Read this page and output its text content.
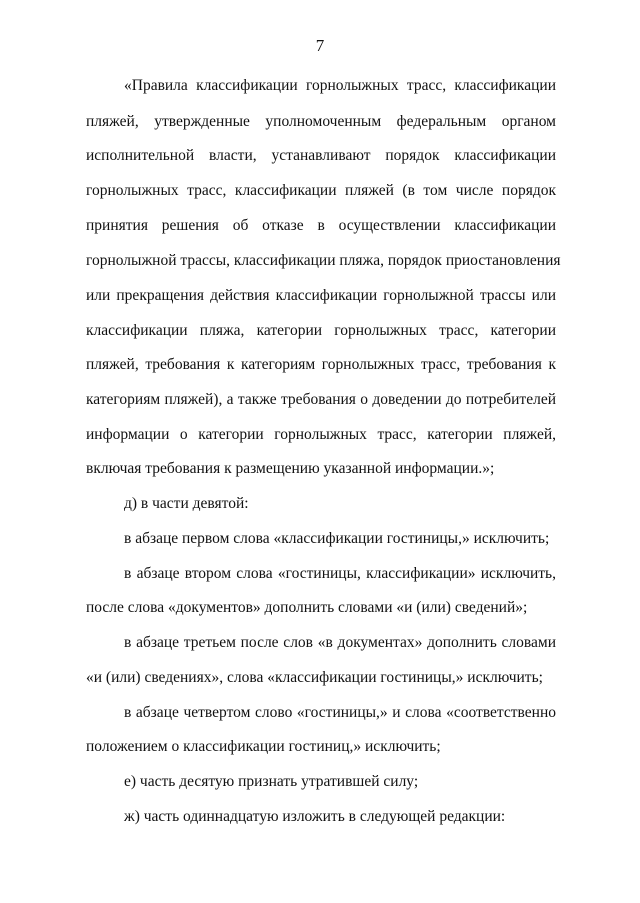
7
«Правила классификации горнолыжных трасс, классификации
пляжей, утвержденные уполномоченным федеральным органом
исполнительной власти, устанавливают порядок классификации
горнолыжных трасс, классификации пляжей (в том числе порядок
принятия решения об отказе в осуществлении классификации
горнолыжной трассы, классификации пляжа, порядок приостановления
или прекращения действия классификации горнолыжной трассы или
классификации пляжа, категории горнолыжных трасс, категории
пляжей, требования к категориям горнолыжных трасс, требования к
категориям пляжей), а также требования о доведении до потребителей
информации о категории горнолыжных трасс, категории пляжей,
включая требования к размещению указанной информации.»;
д) в части девятой:
в абзаце первом слова «классификации гостиницы,» исключить;
в абзаце втором слова «гостиницы, классификации» исключить,
после слова «документов» дополнить словами «и (или) сведений»;
в абзаце третьем после слов «в документах» дополнить словами
«и (или) сведениях», слова «классификации гостиницы,» исключить;
в абзаце четвертом слово «гостиницы,» и слова «соответственно
положением о классификации гостиниц,» исключить;
е) часть десятую признать утратившей силу;
ж) часть одиннадцатую изложить в следующей редакции:
